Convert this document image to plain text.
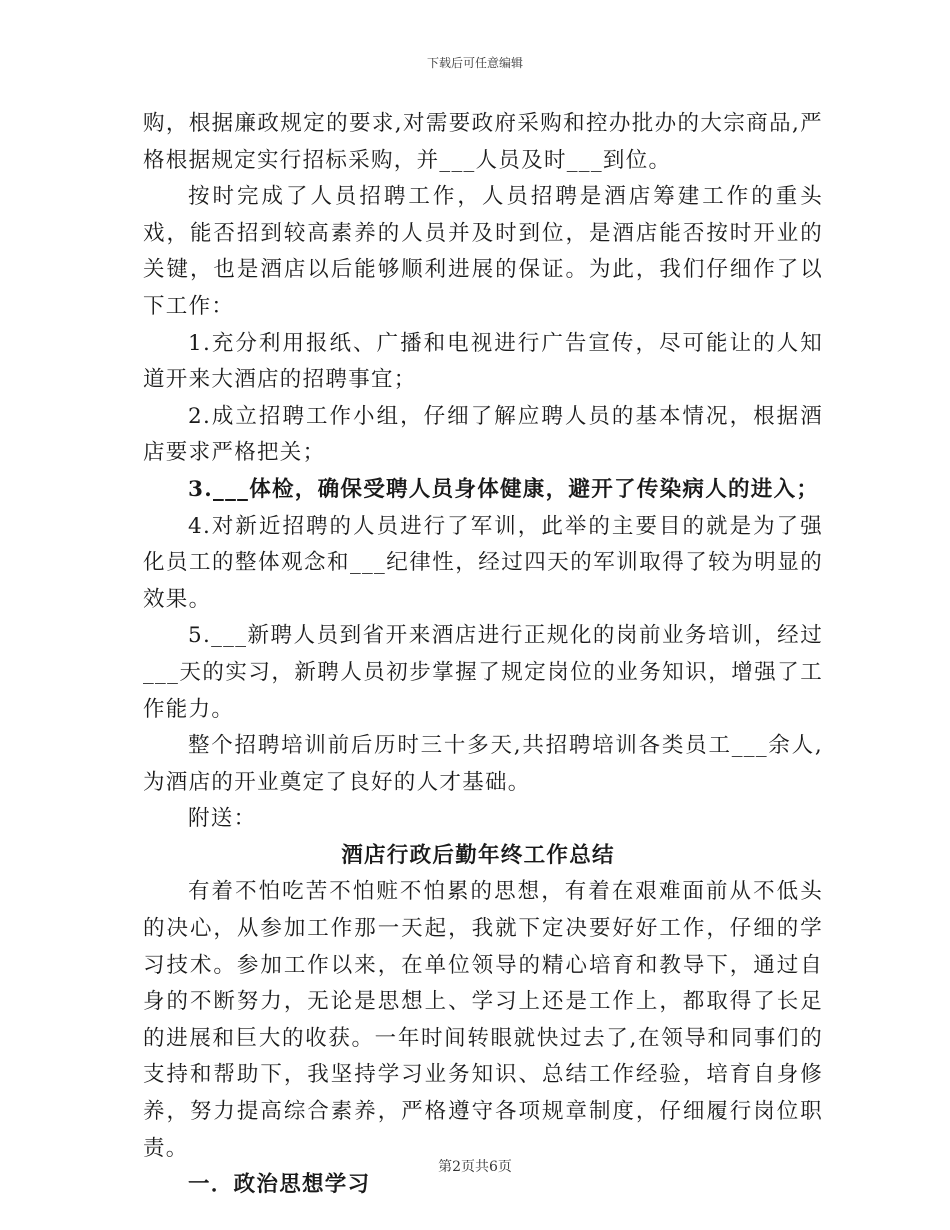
下载后可任意编辑

购，根据廉政规定的要求,对需要政府采购和控办批办的大宗商品,严格根据规定实行招标采购，并___人员及时___到位。

按时完成了人员招聘工作，人员招聘是酒店筹建工作的重头戏，能否招到较高素养的人员并及时到位，是酒店能否按时开业的关键，也是酒店以后能够顺利进展的保证。为此，我们仔细作了以下工作：

1.充分利用报纸、广播和电视进行广告宣传，尽可能让的人知道开来大酒店的招聘事宜；

2.成立招聘工作小组，仔细了解应聘人员的基本情况，根据酒店要求严格把关；

3.___体检，确保受聘人员身体健康，避开了传染病人的进入；

4.对新近招聘的人员进行了军训，此举的主要目的就是为了强化员工的整体观念和___纪律性，经过四天的军训取得了较为明显的效果。

5.___新聘人员到省开来酒店进行正规化的岗前业务培训，经过___天的实习，新聘人员初步掌握了规定岗位的业务知识，增强了工作能力。

整个招聘培训前后历时三十多天,共招聘培训各类员工___余人,为酒店的开业奠定了良好的人才基础。

附送：

酒店行政后勤年终工作总结

有着不怕吃苦不怕赃不怕累的思想，有着在艰难面前从不低头的决心，从参加工作那一天起，我就下定决要好好工作，仔细的学习技术。参加工作以来，在单位领导的精心培育和教导下，通过自身的不断努力，无论是思想上、学习上还是工作上，都取得了长足的进展和巨大的收获。一年时间转眼就快过去了,在领导和同事们的支持和帮助下，我坚持学习业务知识、总结工作经验，培育自身修养，努力提高综合素养，严格遵守各项规章制度，仔细履行岗位职责。

一．政治思想学习

第2页共6页
